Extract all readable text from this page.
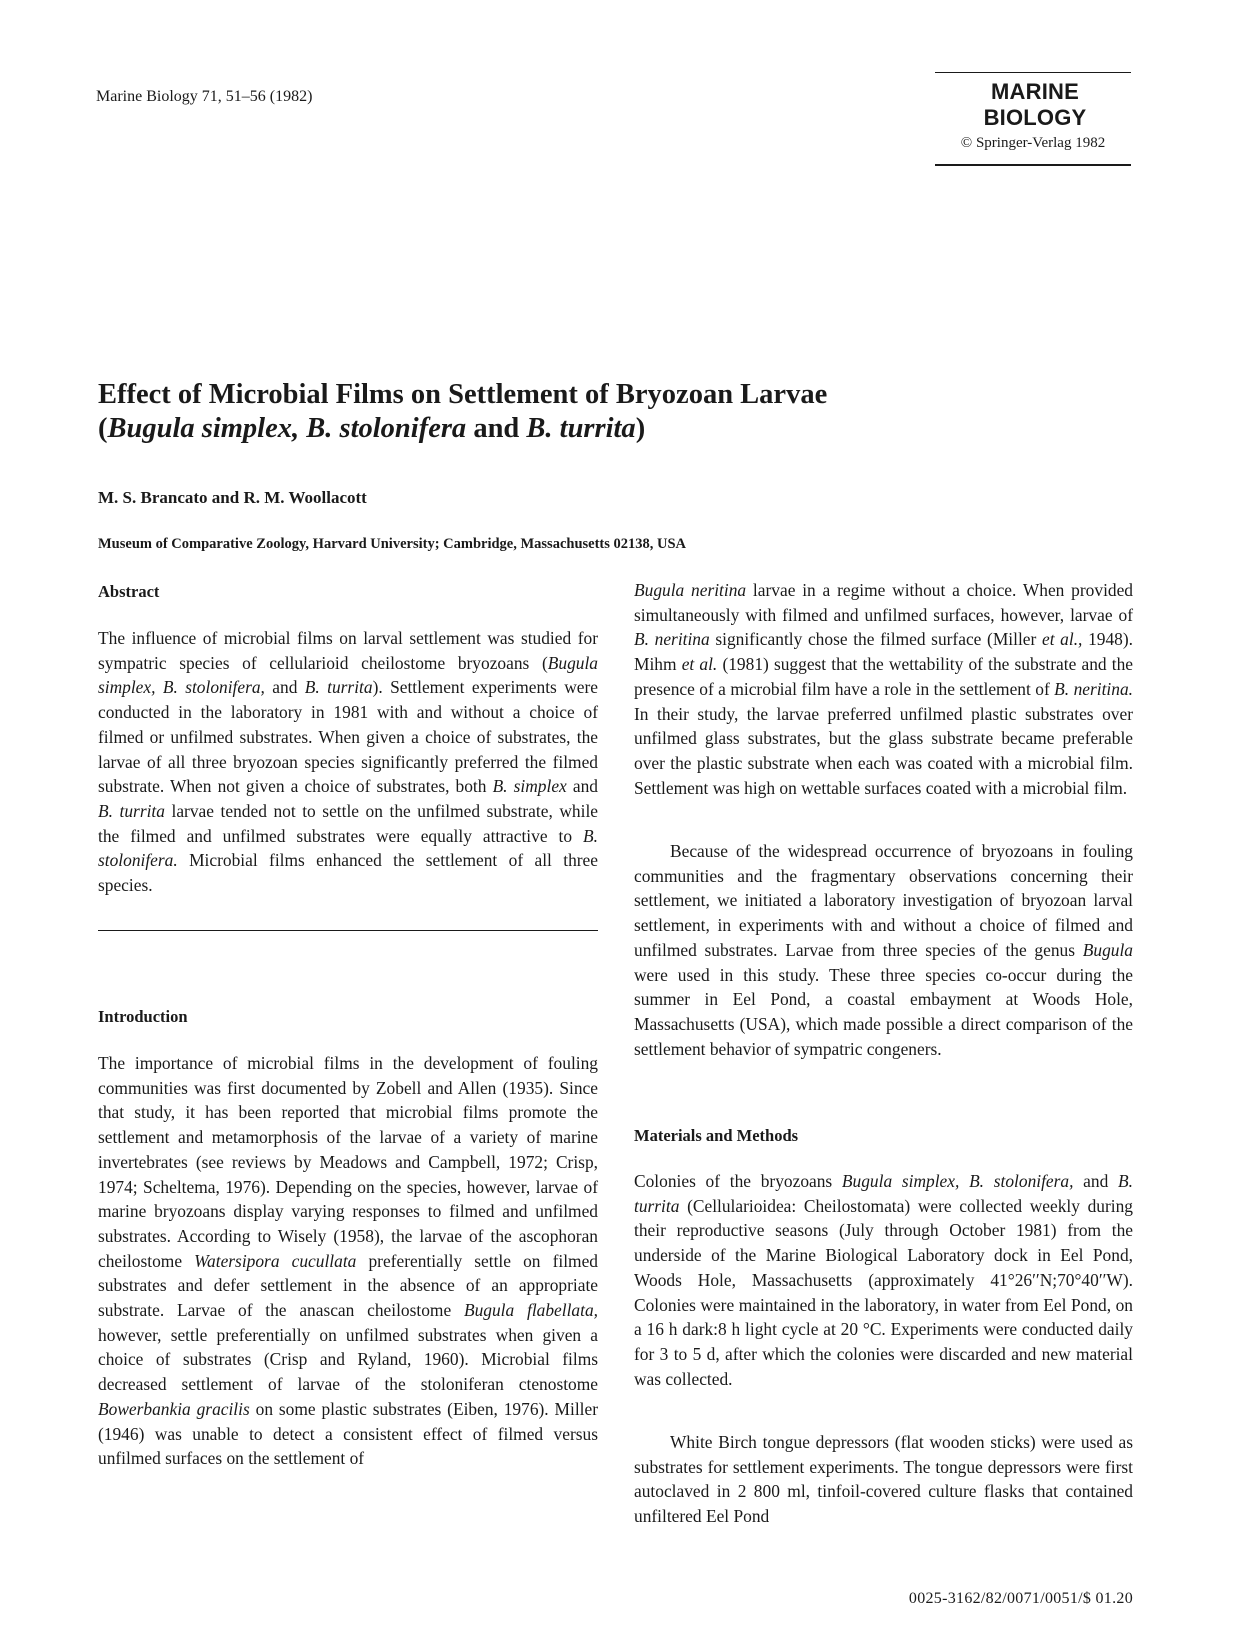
Marine Biology 71, 51–56 (1982)	MARINE BIOLOGY
© Springer-Verlag 1982
Effect of Microbial Films on Settlement of Bryozoan Larvae
(Bugula simplex, B. stolonifera and B. turrita)
M. S. Brancato and R. M. Woollacott
Museum of Comparative Zoology, Harvard University; Cambridge, Massachusetts 02138, USA
Abstract

The influence of microbial films on larval settlement was studied for sympatric species of cellularioid cheilostome bryozoans (Bugula simplex, B. stolonifera, and B. turrita). Settlement experiments were conducted in the laboratory in 1981 with and without a choice of filmed or unfilmed substrates. When given a choice of substrates, the larvae of all three bryozoan species significantly preferred the filmed substrate. When not given a choice of substrates, both B. simplex and B. turrita larvae tended not to settle on the unfilmed substrate, while the filmed and unfilmed substrates were equally attractive to B. stolonifera. Microbial films enhanced the settlement of all three species.

Introduction

The importance of microbial films in the development of fouling communities was first documented by Zobell and Allen (1935). Since that study, it has been reported that microbial films promote the settlement and metamorphosis of the larvae of a variety of marine invertebrates (see reviews by Meadows and Campbell, 1972; Crisp, 1974; Scheltema, 1976). Depending on the species, however, larvae of marine bryozoans display varying responses to filmed and unfilmed substrates. According to Wisely (1958), the larvae of the ascophoran cheilostome Watersipora cucullata preferentially settle on filmed substrates and defer settlement in the absence of an appropriate substrate. Larvae of the anascan cheilostome Bugula flabellata, however, settle preferentially on unfilmed substrates when given a choice of substrates (Crisp and Ryland, 1960). Microbial films decreased settlement of larvae of the stoloniferan ctenostome Bowerbankia gracilis on some plastic substrates (Eiben, 1976). Miller (1946) was unable to detect a consistent effect of filmed versus unfilmed surfaces on the settlement of

Bugula neritina larvae in a regime without a choice. When provided simultaneously with filmed and unfilmed surfaces, however, larvae of B. neritina significantly chose the filmed surface (Miller et al., 1948). Mihm et al. (1981) suggest that the wettability of the substrate and the presence of a microbial film have a role in the settlement of B. neritina. In their study, the larvae preferred unfilmed plastic substrates over unfilmed glass substrates, but the glass substrate became preferable over the plastic substrate when each was coated with a microbial film. Settlement was high on wettable surfaces coated with a microbial film.

Because of the widespread occurrence of bryozoans in fouling communities and the fragmentary observations concerning their settlement, we initiated a laboratory investigation of bryozoan larval settlement, in experiments with and without a choice of filmed and unfilmed substrates. Larvae from three species of the genus Bugula were used in this study. These three species co-occur during the summer in Eel Pond, a coastal embayment at Woods Hole, Massachusetts (USA), which made possible a direct comparison of the settlement behavior of sympatric congeners.

Materials and Methods

Colonies of the bryozoans Bugula simplex, B. stolonifera, and B. turrita (Cellularioidea: Cheilostomata) were collected weekly during their reproductive seasons (July through October 1981) from the underside of the Marine Biological Laboratory dock in Eel Pond, Woods Hole, Massachusetts (approximately 41°26′′N;70°40′′W). Colonies were maintained in the laboratory, in water from Eel Pond, on a 16 h dark:8 h light cycle at 20 °C. Experiments were conducted daily for 3 to 5 d, after which the colonies were discarded and new material was collected.

White Birch tongue depressors (flat wooden sticks) were used as substrates for settlement experiments. The tongue depressors were first autoclaved in 2 800 ml, tinfoil-covered culture flasks that contained unfiltered Eel Pond

0025-3162/82/0071/0051/$ 01.20
